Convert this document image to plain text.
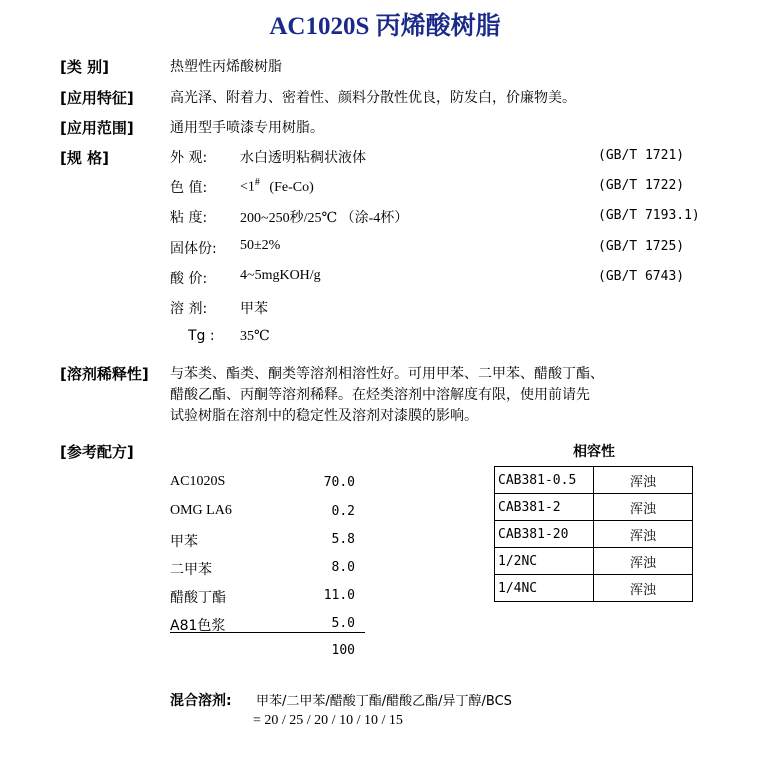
AC1020S 丙烯酸树脂
[类 别]	热塑性丙烯酸树脂
[应用特征]	高光泽、附着力、密着性、颜料分散性优良，防发白，价廉物美。
[应用范围]	通用型手喷漆专用树脂。
[规 格]	外 观: 水白透明粘稠状液体	(GB/T 1721)
色 值: <1# (Fe-Co)	(GB/T 1722)
粘 度: 200~250秒/25℃ （涂-4杯）	(GB/T 7193.1)
固体份: 50±2%	(GB/T 1725)
酸 价: 4~5mgKOH/g	(GB/T 6743)
溶 剂: 甲苯
Tg : 35℃
[溶剂稀释性] 与苯类、酯类、酮类等溶剂相溶性好。可用甲苯、二甲苯、醋酸丁酯、
醋酸乙酯、丙酮等溶剂稀释。在烃类溶剂中溶解度有限，使用前请先
试验树脂在溶剂中的稳定性及溶剂对漆膜的影响。
[参考配方]
AC1020S	70.0
OMG LA6	0.2
甲苯	5.8
二甲苯	8.0
醋酸丁酯	11.0
A81色浆	5.0
100
相容性
CAB381-0.5	浑浊
CAB381-2	浑浊
CAB381-20	浑浊
1/2NC	浑浊
1/4NC	浑浊
混合溶剂: 甲苯/二甲苯/醋酸丁酯/醋酸乙酯/异丁醇/BCS
= 20 / 25 / 20 / 10 / 10 / 15
